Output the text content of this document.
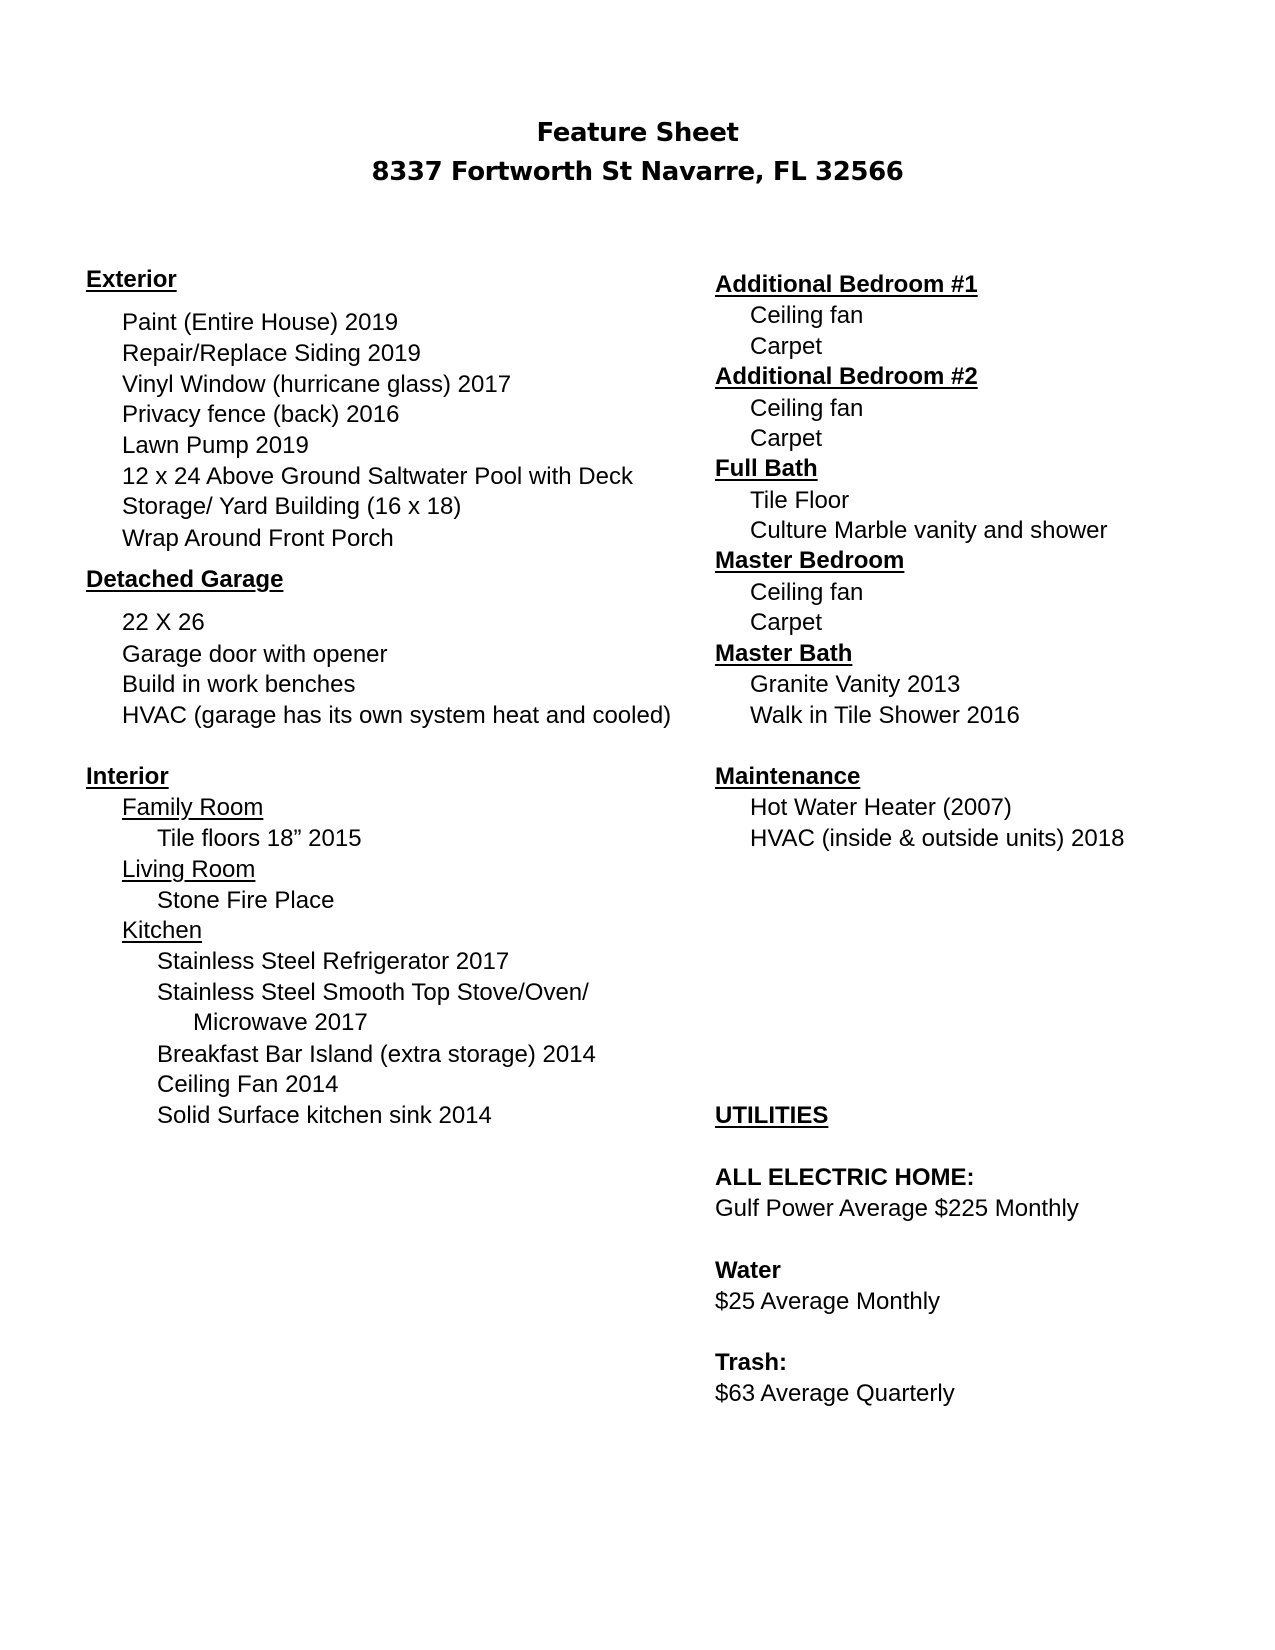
Feature Sheet
8337 Fortworth St Navarre, FL 32566
Exterior
Paint (Entire House) 2019
Repair/Replace Siding 2019
Vinyl Window (hurricane glass) 2017
Privacy fence (back) 2016
Lawn Pump 2019
12 x 24 Above Ground Saltwater Pool with Deck
Storage/ Yard Building (16 x 18)
Wrap Around Front Porch
Detached Garage
22 X 26
Garage door with opener
Build in work benches
HVAC (garage has its own system heat and cooled)
Interior
Family Room
Tile floors 18” 2015
Living Room
Stone Fire Place
Kitchen
Stainless Steel Refrigerator 2017
Stainless Steel Smooth Top Stove/Oven/
Microwave 2017
Breakfast Bar Island (extra storage) 2014
Ceiling Fan 2014
Solid Surface kitchen sink 2014
Additional Bedroom #1
Ceiling fan
Carpet
Additional Bedroom #2
Ceiling fan
Carpet
Full Bath
Tile Floor
Culture Marble vanity and shower
Master Bedroom
Ceiling fan
Carpet
Master Bath
Granite Vanity 2013
Walk in Tile Shower 2016
Maintenance
Hot Water Heater (2007)
HVAC (inside & outside units) 2018
UTILITIES
ALL ELECTRIC HOME:
Gulf Power Average $225 Monthly
Water
$25 Average Monthly
Trash:
$63 Average Quarterly
